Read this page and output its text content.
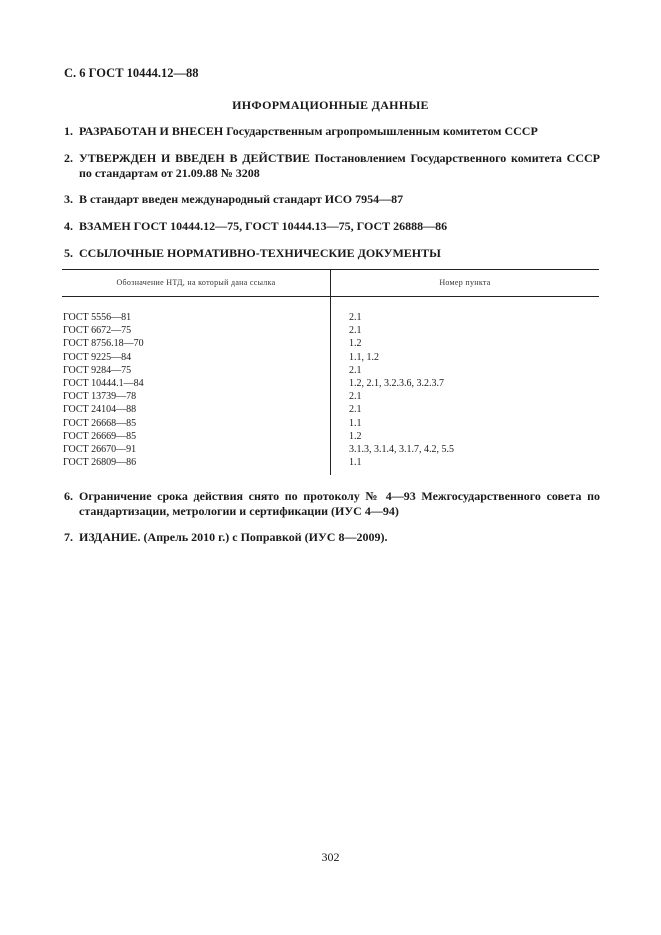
С. 6 ГОСТ 10444.12—88
ИНФОРМАЦИОННЫЕ ДАННЫЕ
1. РАЗРАБОТАН И ВНЕСЕН Государственным агропромышленным комитетом СССР
2. УТВЕРЖДЕН И ВВЕДЕН В ДЕЙСТВИЕ Постановлением Государственного комитета СССР по стандартам от 21.09.88 № 3208
3. В стандарт введен международный стандарт ИСО 7954—87
4. ВЗАМЕН ГОСТ 10444.12—75, ГОСТ 10444.13—75, ГОСТ 26888—86
5. ССЫЛОЧНЫЕ НОРМАТИВНО-ТЕХНИЧЕСКИЕ ДОКУМЕНТЫ
Обозначение НТД, на который дана ссылка	Номер пункта

ГОСТ 5556—81	2.1
ГОСТ 6672—75	2.1
ГОСТ 8756.18—70	1.2
ГОСТ 9225—84	1.1, 1.2
ГОСТ 9284—75	2.1
ГОСТ 10444.1—84	1.2, 2.1, 3.2.3.6, 3.2.3.7
ГОСТ 13739—78	2.1
ГОСТ 24104—88	2.1
ГОСТ 26668—85	1.1
ГОСТ 26669—85	1.2
ГОСТ 26670—91	3.1.3, 3.1.4, 3.1.7, 4.2, 5.5
ГОСТ 26809—86	1.1

6. Ограничение срока действия снято по протоколу № 4—93 Межгосударственного совета по стандартизации, метрологии и сертификации (ИУС 4—94)
7. ИЗДАНИЕ. (Апрель 2010 г.) с Поправкой (ИУС 8—2009).
302
